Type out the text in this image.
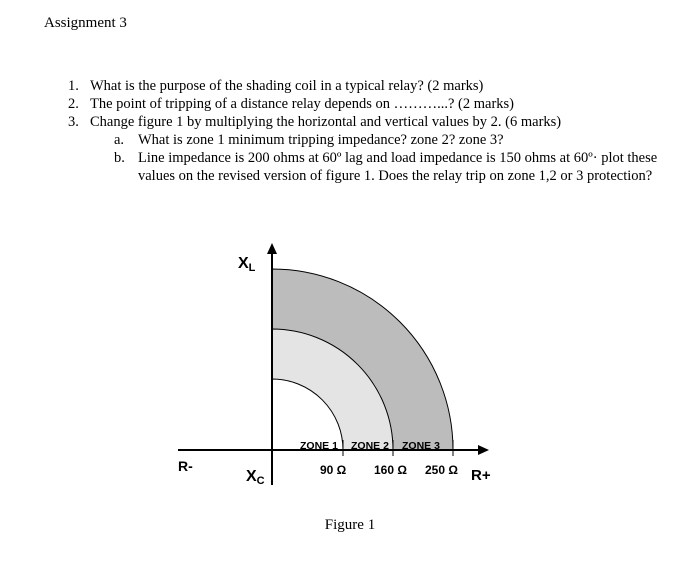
Assignment 3
1. What is the purpose of the shading coil in a typical relay? (2 marks)
2. The point of tripping of a distance relay depends on ………...? (2 marks)
3. Change figure 1 by multiplying the horizontal and vertical values by 2. (6 marks)
a. What is zone 1 minimum tripping impedance? zone 2? zone 3?
b. Line impedance is 200 ohms at 60º lag and load impedance is 150 ohms at 60º· plot these values on the revised version of figure 1. Does the relay trip on zone 1,2 or 3 protection?
ZONE 1 ZONE 2 ZONE 3
90 Ω 160 Ω 250 Ω
XL
XC
R-
R+
Figure 1
